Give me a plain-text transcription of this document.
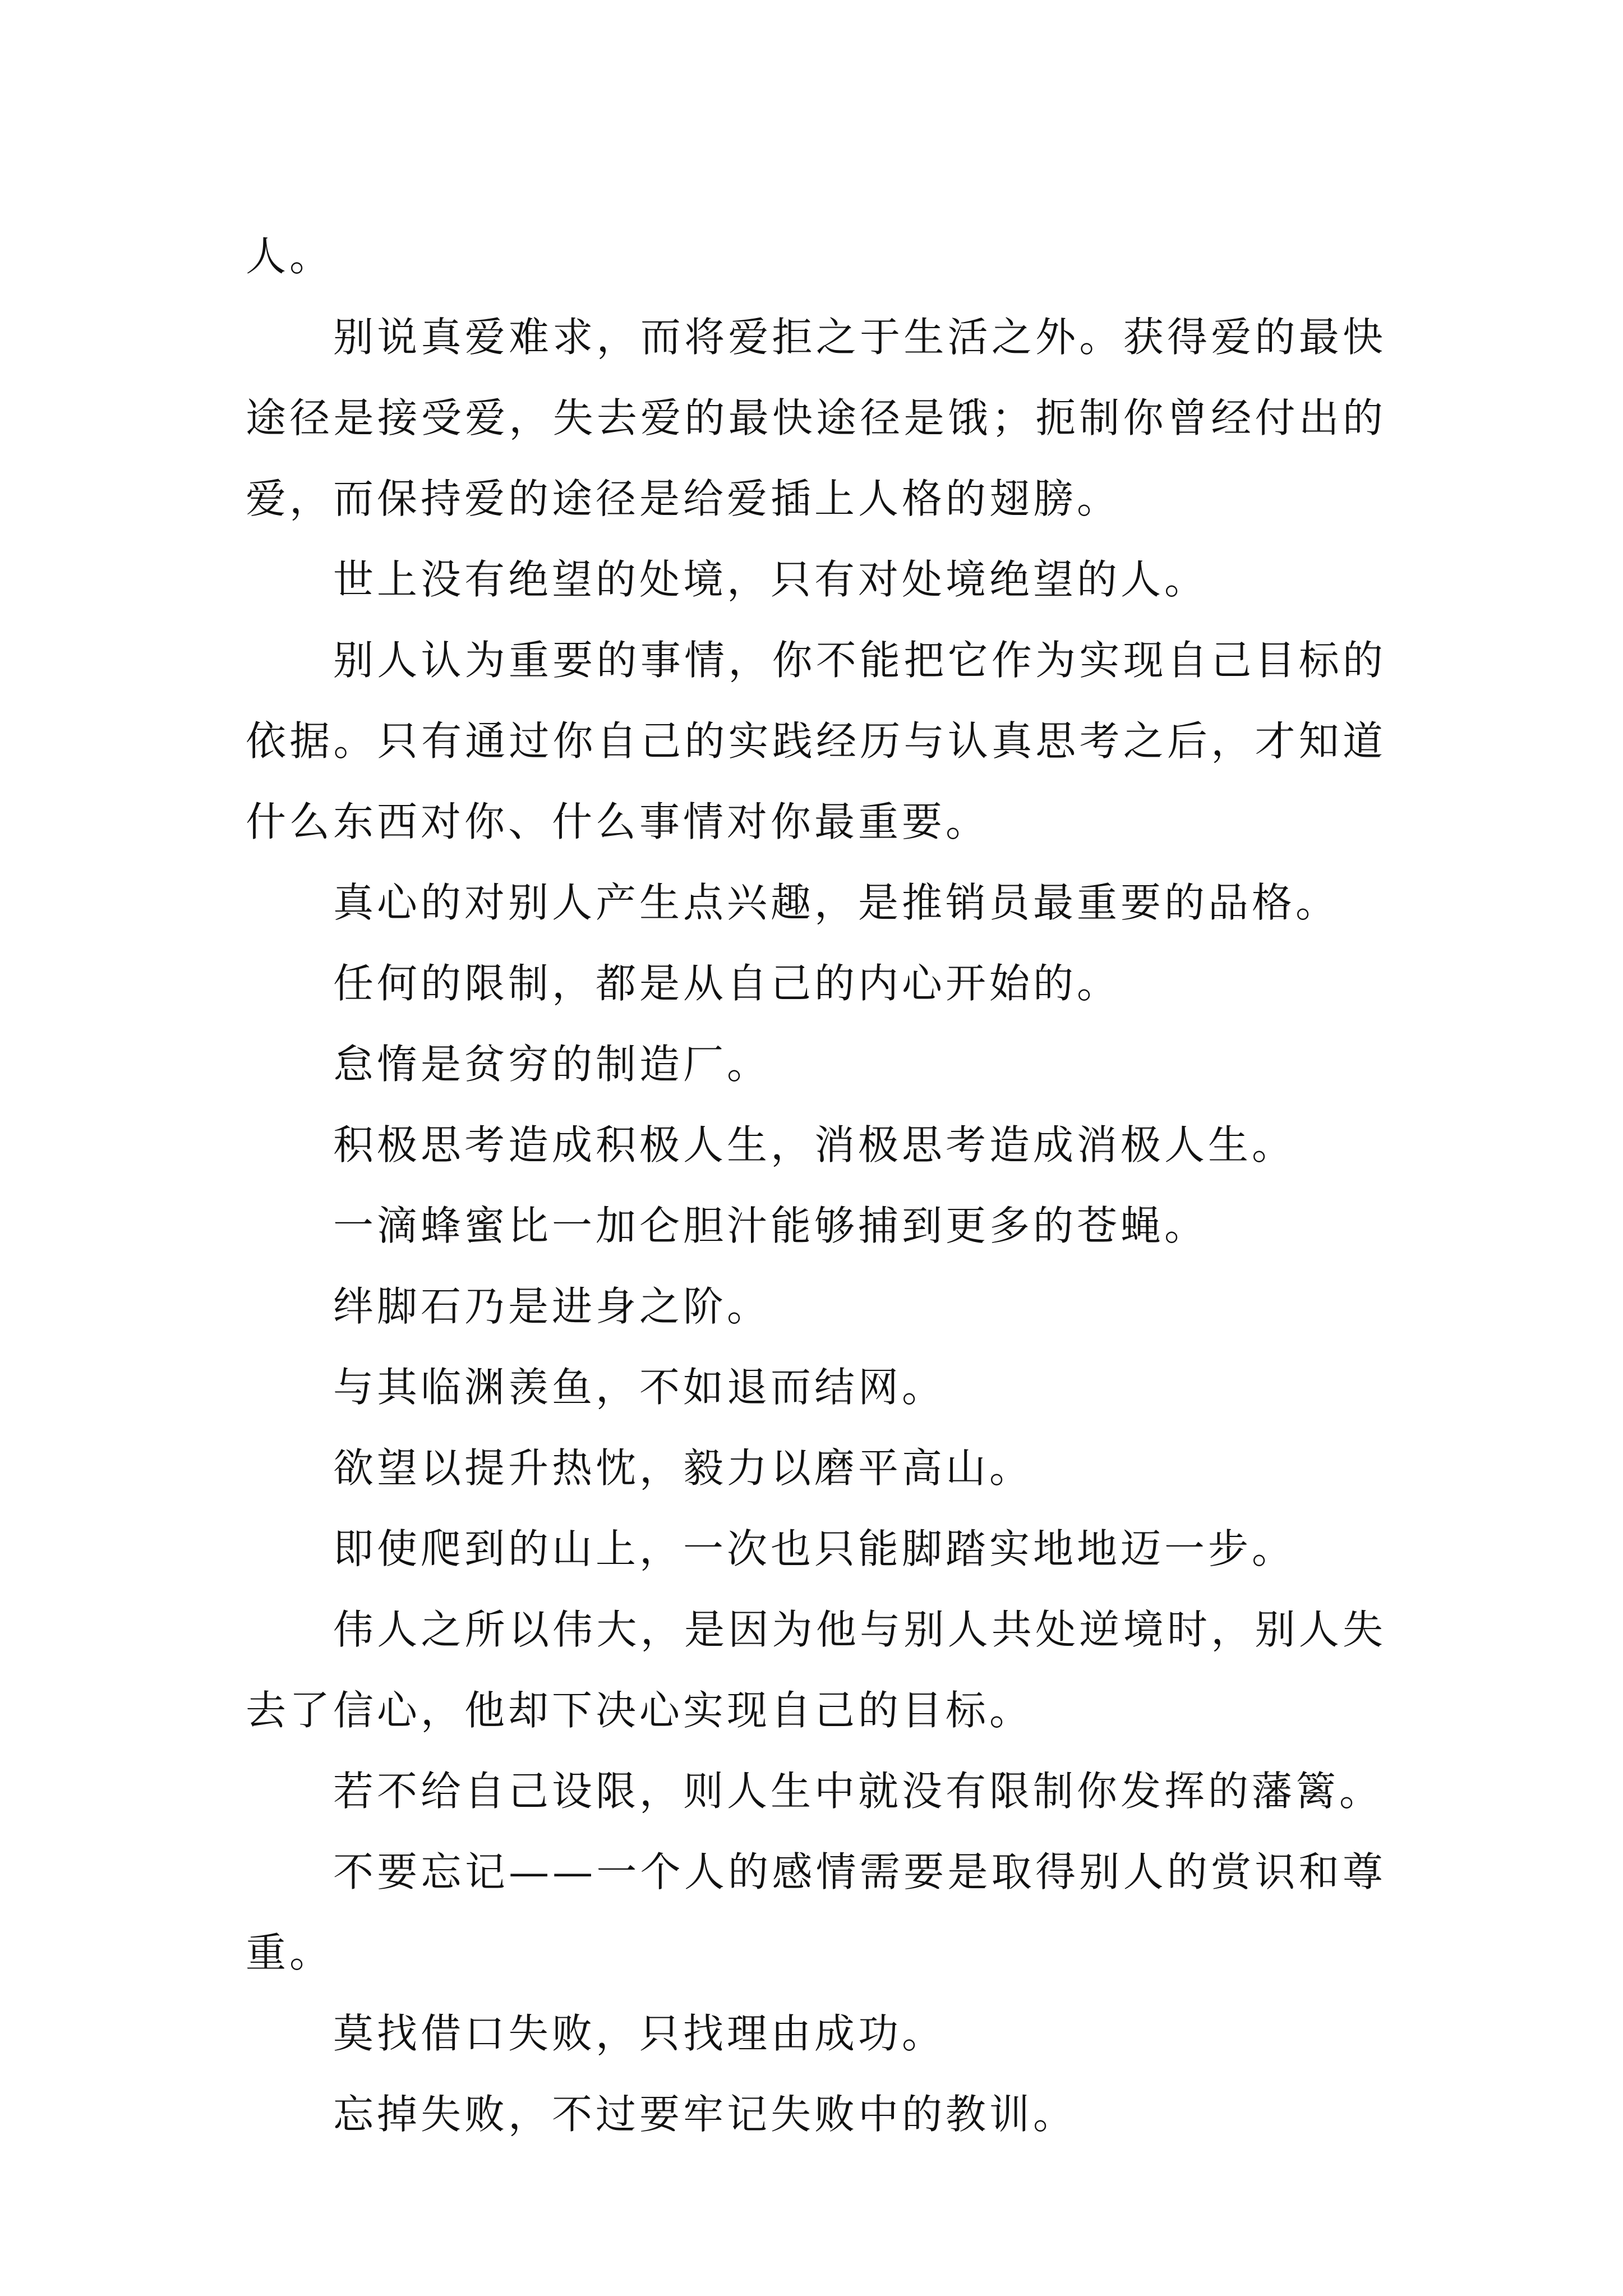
人。

别说真爱难求，而将爱拒之于生活之外。获得爱的最快途径是接受爱，失去爱的最快途径是饿；扼制你曾经付出的爱，而保持爱的途径是给爱插上人格的翅膀。

世上没有绝望的处境，只有对处境绝望的人。

别人认为重要的事情，你不能把它作为实现自己目标的依据。只有通过你自己的实践经历与认真思考之后，才知道什么东西对你、什么事情对你最重要。

真心的对别人产生点兴趣，是推销员最重要的品格。

任何的限制，都是从自己的内心开始的。

怠惰是贫穷的制造厂。

积极思考造成积极人生，消极思考造成消极人生。

一滴蜂蜜比一加仑胆汁能够捕到更多的苍蝇。

绊脚石乃是进身之阶。

与其临渊羡鱼，不如退而结网。

欲望以提升热忱，毅力以磨平高山。

即使爬到的山上，一次也只能脚踏实地地迈一步。

伟人之所以伟大，是因为他与别人共处逆境时，别人失去了信心，他却下决心实现自己的目标。

若不给自己设限，则人生中就没有限制你发挥的藩篱。

不要忘记——一个人的感情需要是取得别人的赏识和尊重。

莫找借口失败，只找理由成功。

忘掉失败，不过要牢记失败中的教训。
